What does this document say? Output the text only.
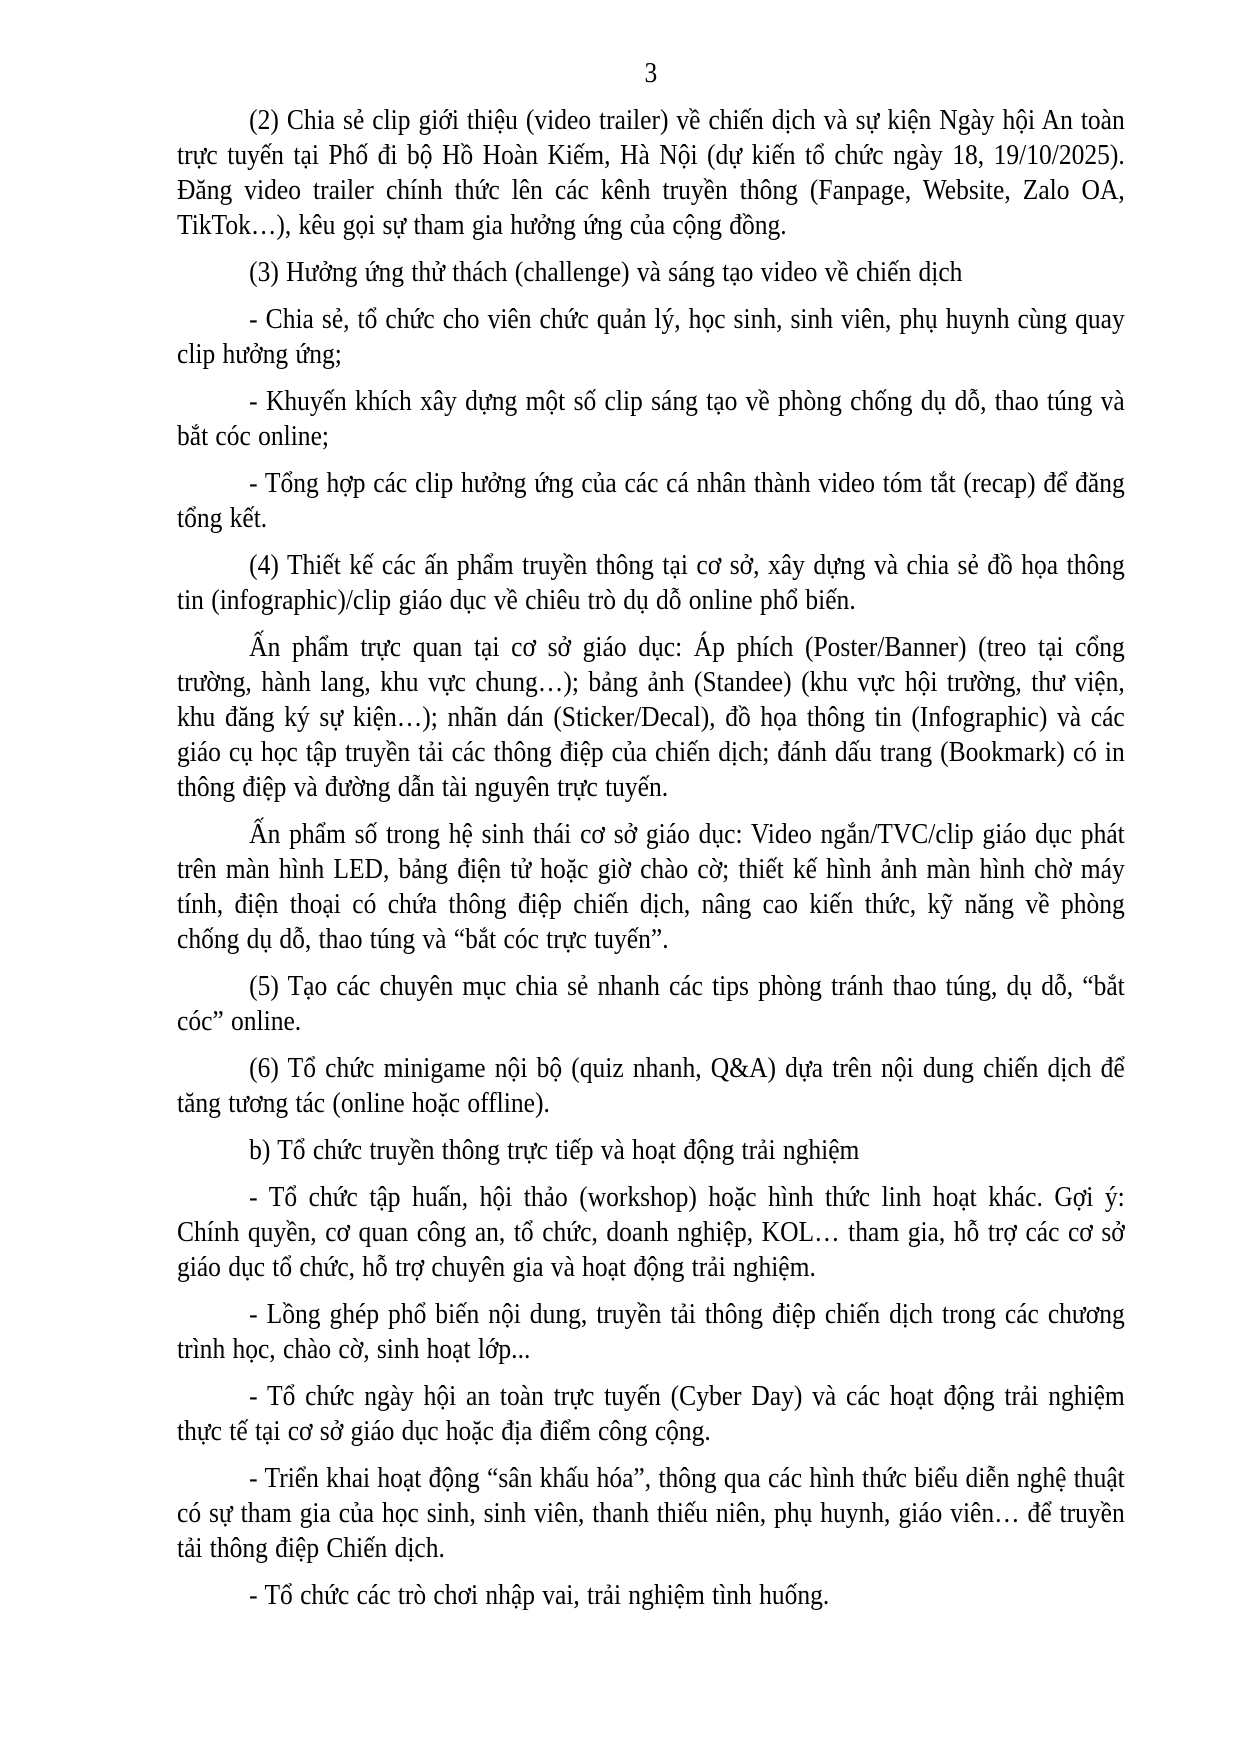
3

(2) Chia sẻ clip giới thiệu (video trailer) về chiến dịch và sự kiện Ngày hội An toàn trực tuyến tại Phố đi bộ Hồ Hoàn Kiếm, Hà Nội (dự kiến tổ chức ngày 18, 19/10/2025). Đăng video trailer chính thức lên các kênh truyền thông (Fanpage, Website, Zalo OA, TikTok…), kêu gọi sự tham gia hưởng ứng của cộng đồng.

(3) Hưởng ứng thử thách (challenge) và sáng tạo video về chiến dịch

- Chia sẻ, tổ chức cho viên chức quản lý, học sinh, sinh viên, phụ huynh cùng quay clip hưởng ứng;

- Khuyến khích xây dựng một số clip sáng tạo về phòng chống dụ dỗ, thao túng và bắt cóc online;

- Tổng hợp các clip hưởng ứng của các cá nhân thành video tóm tắt (recap) để đăng tổng kết.

(4) Thiết kế các ấn phẩm truyền thông tại cơ sở, xây dựng và chia sẻ đồ họa thông tin (infographic)/clip giáo dục về chiêu trò dụ dỗ online phổ biến.

Ấn phẩm trực quan tại cơ sở giáo dục: Áp phích (Poster/Banner) (treo tại cổng trường, hành lang, khu vực chung…); bảng ảnh (Standee) (khu vực hội trường, thư viện, khu đăng ký sự kiện…); nhãn dán (Sticker/Decal), đồ họa thông tin (Infographic) và các giáo cụ học tập truyền tải các thông điệp của chiến dịch; đánh dấu trang (Bookmark) có in thông điệp và đường dẫn tài nguyên trực tuyến.

Ấn phẩm số trong hệ sinh thái cơ sở giáo dục: Video ngắn/TVC/clip giáo dục phát trên màn hình LED, bảng điện tử hoặc giờ chào cờ; thiết kế hình ảnh màn hình chờ máy tính, điện thoại có chứa thông điệp chiến dịch, nâng cao kiến thức, kỹ năng về phòng chống dụ dỗ, thao túng và “bắt cóc trực tuyến”.

(5) Tạo các chuyên mục chia sẻ nhanh các tips phòng tránh thao túng, dụ dỗ, “bắt cóc” online.

(6) Tổ chức minigame nội bộ (quiz nhanh, Q&A) dựa trên nội dung chiến dịch để tăng tương tác (online hoặc offline).

b) Tổ chức truyền thông trực tiếp và hoạt động trải nghiệm

- Tổ chức tập huấn, hội thảo (workshop) hoặc hình thức linh hoạt khác. Gợi ý: Chính quyền, cơ quan công an, tổ chức, doanh nghiệp, KOL… tham gia, hỗ trợ các cơ sở giáo dục tổ chức, hỗ trợ chuyên gia và hoạt động trải nghiệm.

- Lồng ghép phổ biến nội dung, truyền tải thông điệp chiến dịch trong các chương trình học, chào cờ, sinh hoạt lớp...

- Tổ chức ngày hội an toàn trực tuyến (Cyber Day) và các hoạt động trải nghiệm thực tế tại cơ sở giáo dục hoặc địa điểm công cộng.

- Triển khai hoạt động “sân khấu hóa”, thông qua các hình thức biểu diễn nghệ thuật có sự tham gia của học sinh, sinh viên, thanh thiếu niên, phụ huynh, giáo viên… để truyền tải thông điệp Chiến dịch.

- Tổ chức các trò chơi nhập vai, trải nghiệm tình huống.
